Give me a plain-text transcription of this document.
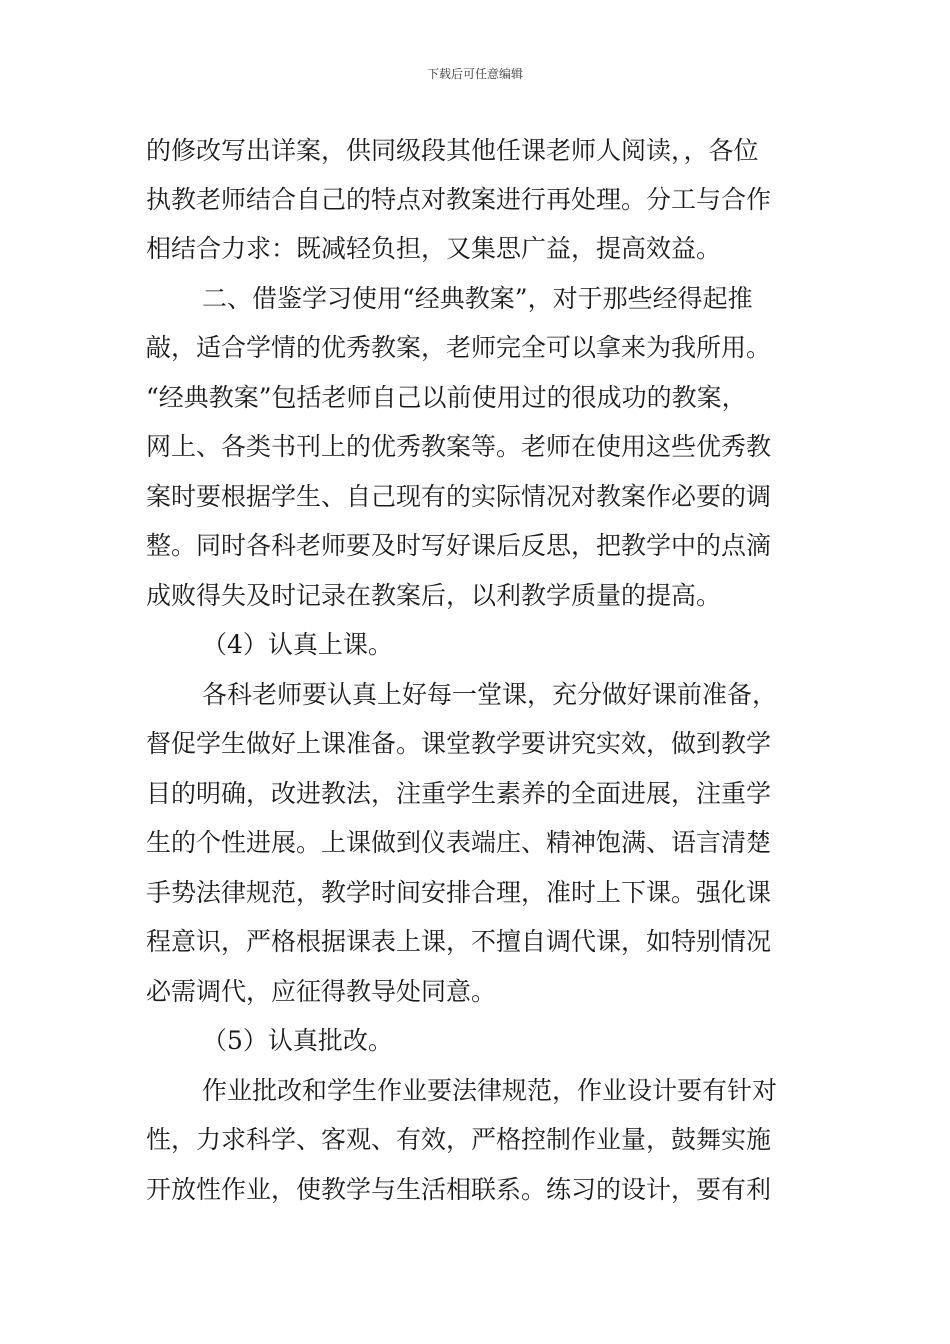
下载后可任意编辑
的修改写出详案，供同级段其他任课老师人阅读，，各位
执教老师结合自己的特点对教案进行再处理。分工与合作
相结合力求：既减轻负担，又集思广益，提高效益。
二、借鉴学习使用“经典教案”，对于那些经得起推
敲，适合学情的优秀教案，老师完全可以拿来为我所用。
“经典教案”包括老师自己以前使用过的很成功的教案，
网上、各类书刊上的优秀教案等。老师在使用这些优秀教
案时要根据学生、自己现有的实际情况对教案作必要的调
整。同时各科老师要及时写好课后反思，把教学中的点滴
成败得失及时记录在教案后，以利教学质量的提高。
（4）认真上课。
各科老师要认真上好每一堂课，充分做好课前准备，
督促学生做好上课准备。课堂教学要讲究实效，做到教学
目的明确，改进教法，注重学生素养的全面进展，注重学
生的个性进展。上课做到仪表端庄、精神饱满、语言清楚
手势法律规范，教学时间安排合理，准时上下课。强化课
程意识，严格根据课表上课，不擅自调代课，如特别情况
必需调代，应征得教导处同意。
（5）认真批改。
作业批改和学生作业要法律规范，作业设计要有针对
性，力求科学、客观、有效，严格控制作业量，鼓舞实施
开放性作业，使教学与生活相联系。练习的设计，要有利
